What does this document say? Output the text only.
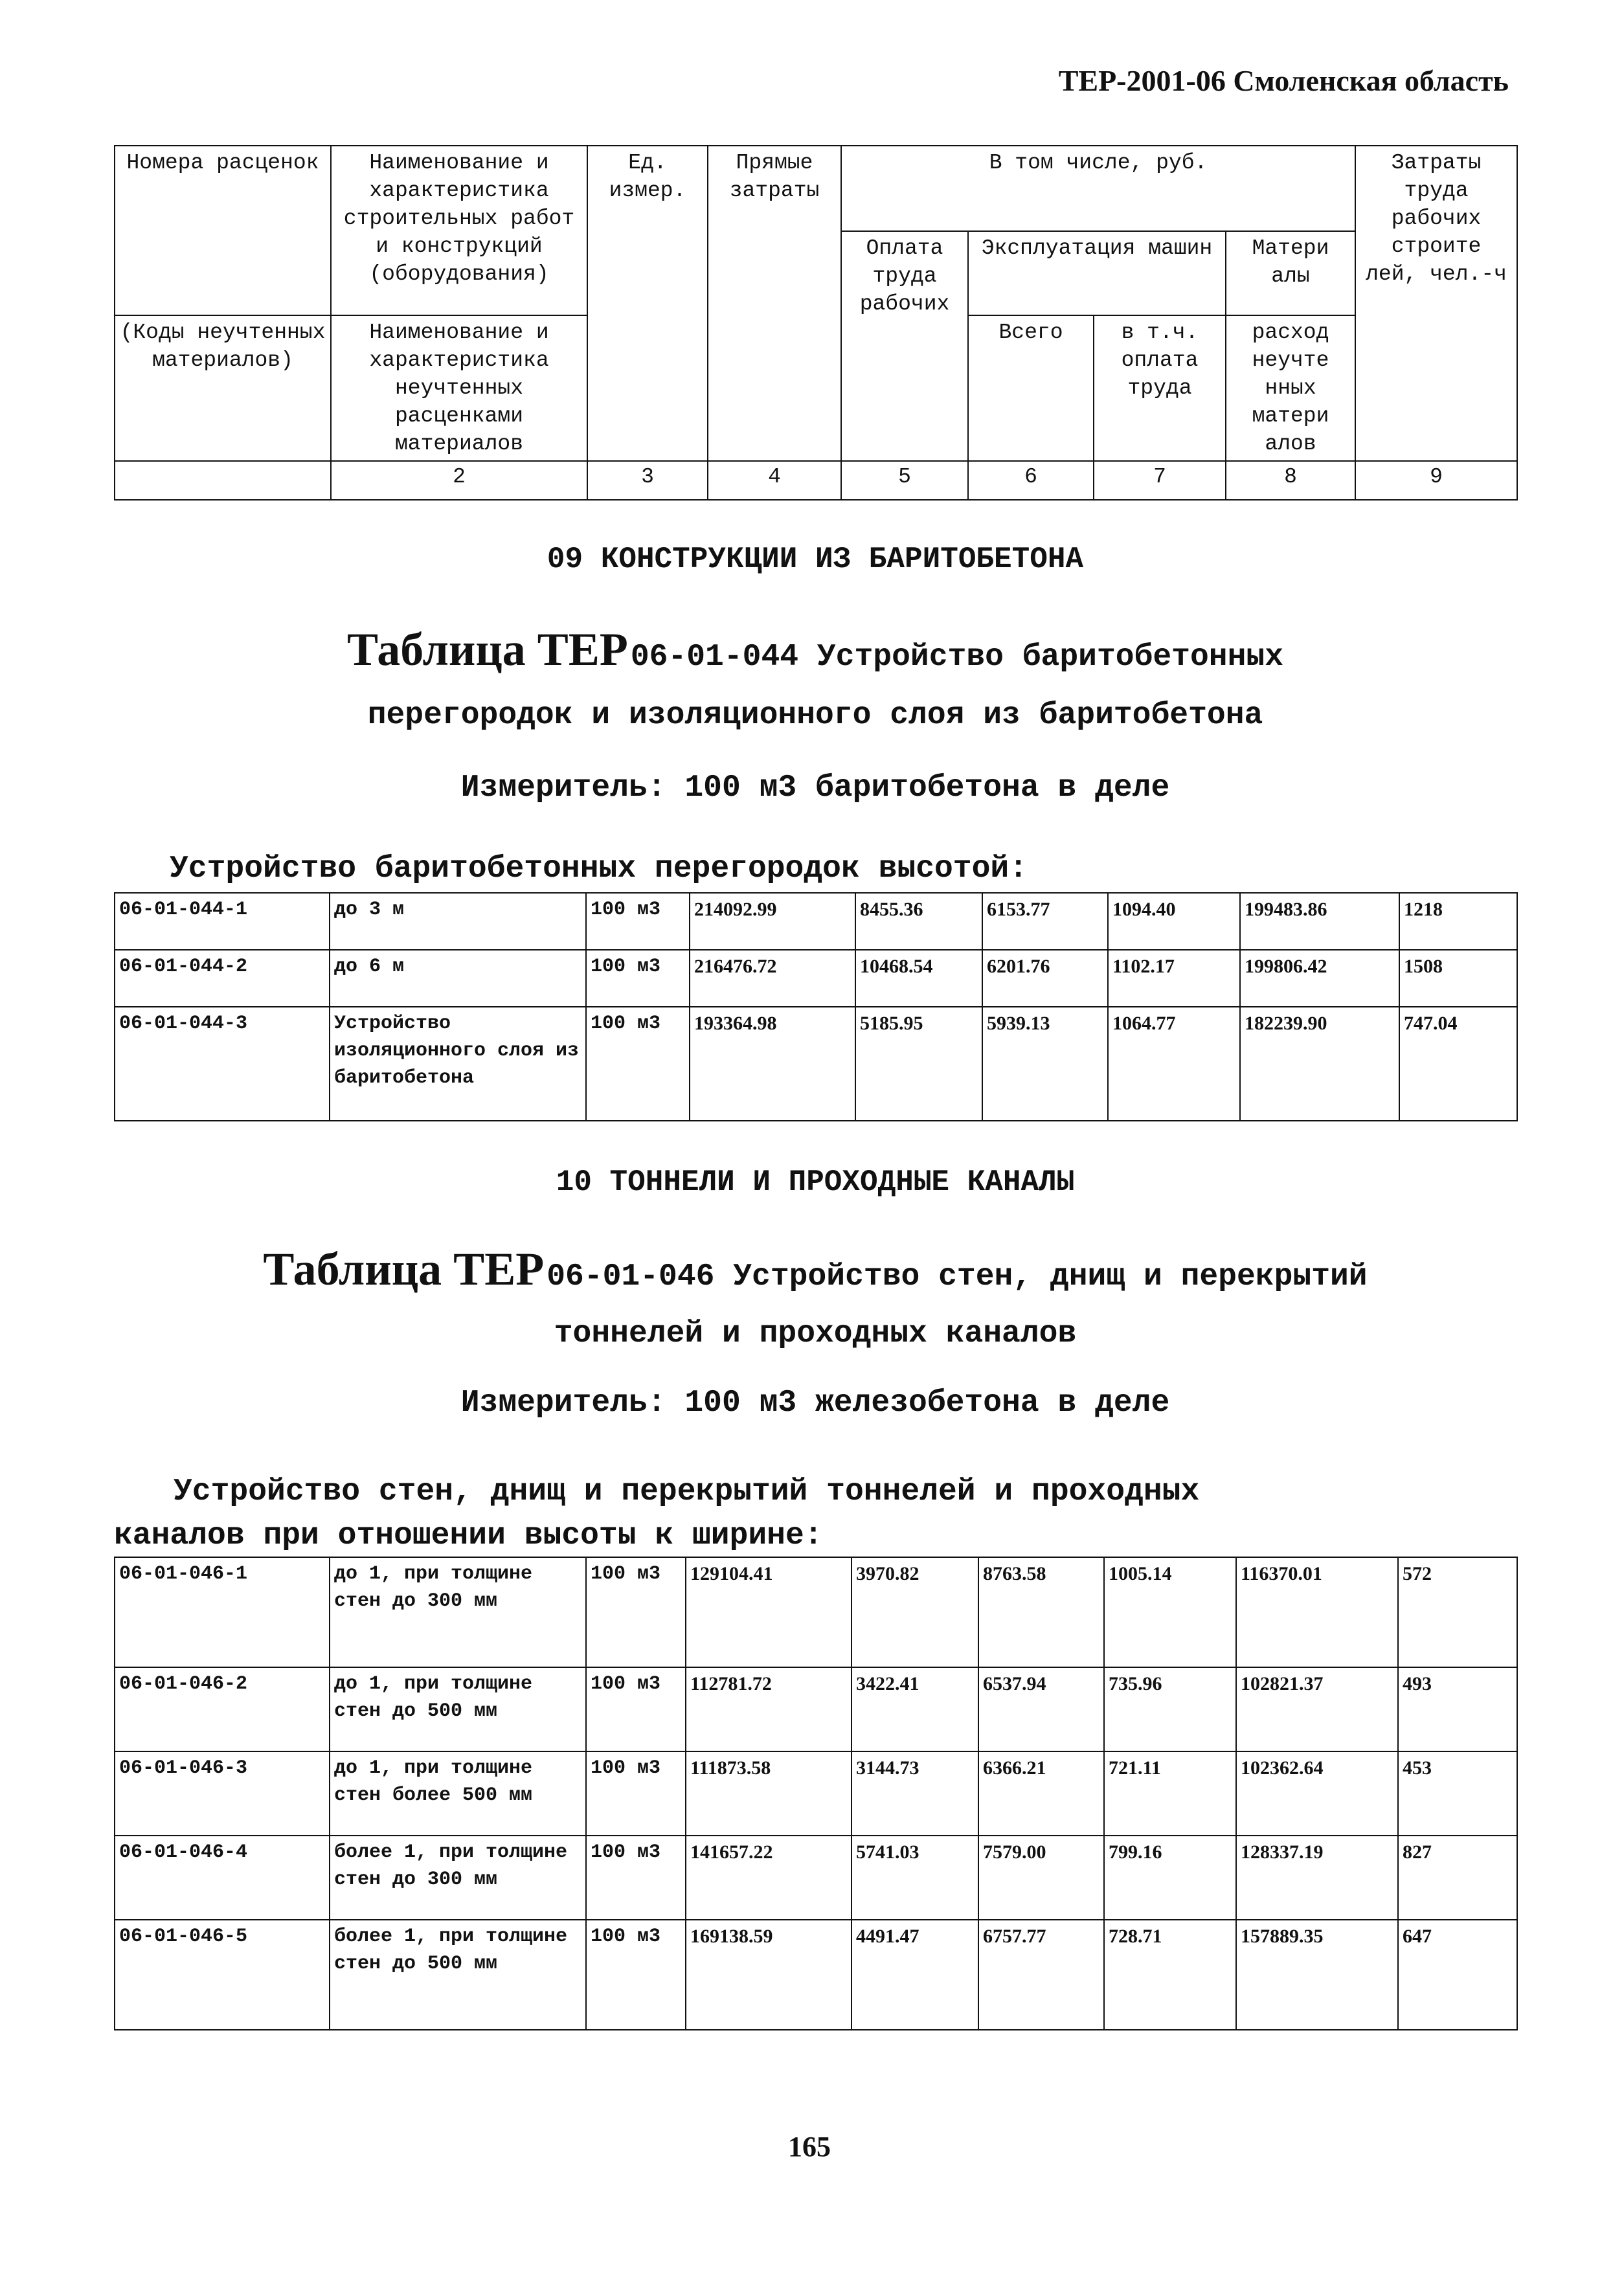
ТЕР-2001-06 Смоленская область
Номера расценок	Наименование и характеристика строительных работ и конструкций (оборудования)	Ед. измер.	Прямые затраты	В том числе, руб.				Затраты труда рабочих строите лей, чел.-ч
				Оплата труда рабочих	Эксплуатация машин		Матери алы	
(Коды неучтенных материалов)	Наименование и характеристика неучтенных расценками материалов				Всего	в т.ч. оплата труда	расход неучте нных матери алов	
	2	3	4	5	6	7	8	9
09 КОНСТРУКЦИИ ИЗ БАРИТОБЕТОНА
Таблица ТЕР 06-01-044 Устройство баритобетонных
перегородок и изоляционного слоя из баритобетона
Измеритель: 100 м3 баритобетона в деле
Устройство баритобетонных перегородок высотой:
06-01-044-1	до 3 м	100 м3	214092.99	8455.36	6153.77	1094.40	199483.86	1218
06-01-044-2	до 6 м	100 м3	216476.72	10468.54	6201.76	1102.17	199806.42	1508
06-01-044-3	Устройство изоляционного слоя из баритобетона	100 м3	193364.98	5185.95	5939.13	1064.77	182239.90	747.04
10 ТОННЕЛИ И ПРОХОДНЫЕ КАНАЛЫ
Таблица ТЕР 06-01-046 Устройство стен, днищ и перекрытий
тоннелей и проходных каналов
Измеритель: 100 м3 железобетона в деле
Устройство стен, днищ и перекрытий тоннелей и проходных
каналов при отношении высоты к ширине:
06-01-046-1	до 1, при толщине стен до 300 мм	100 м3	129104.41	3970.82	8763.58	1005.14	116370.01	572
06-01-046-2	до 1, при толщине стен до 500 мм	100 м3	112781.72	3422.41	6537.94	735.96	102821.37	493
06-01-046-3	до 1, при толщине стен более 500 мм	100 м3	111873.58	3144.73	6366.21	721.11	102362.64	453
06-01-046-4	более 1, при толщине стен до 300 мм	100 м3	141657.22	5741.03	7579.00	799.16	128337.19	827
06-01-046-5	более 1, при толщине стен до 500 мм	100 м3	169138.59	4491.47	6757.77	728.71	157889.35	647
165
